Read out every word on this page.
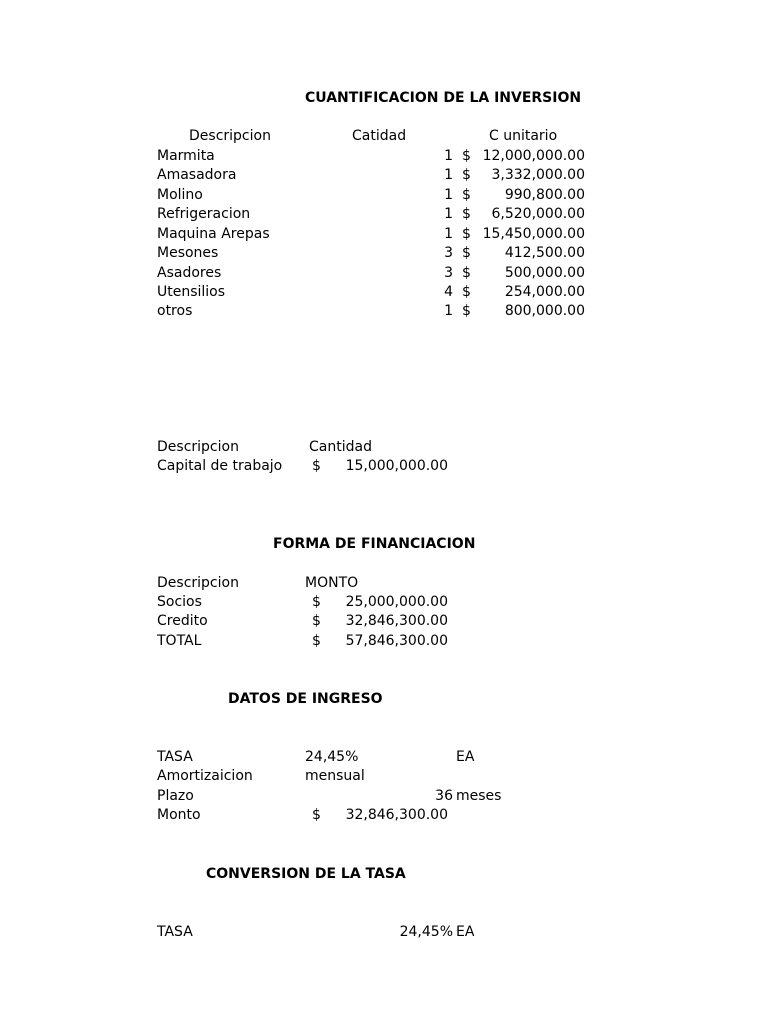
CUANTIFICACION DE LA INVERSION
Descripcion	Catidad	C unitario
Marmita	1 $ 12,000,000.00
Amasadora	1 $	3,332,000.00
Molino	1 $	990,800.00
Refrigeracion	1 $	6,520,000.00
Maquina Arepas	1 $ 15,450,000.00
Mesones	3 $	412,500.00
Asadores	3 $	500,000.00
Utensilios	4 $	254,000.00
otros	1 $	800,000.00
Descripcion	Cantidad
Capital de trabajo $	15,000,000.00
FORMA DE FINANCIACION
Descripcion	MONTO
Socios	$	25,000,000.00
Credito	$	32,846,300.00
TOTAL	$	57,846,300.00
DATOS DE INGRESO
TASA	24,45%	EA
Amortizaicion	mensual
Plazo	36 meses
Monto	$	32,846,300.00
CONVERSION DE LA TASA
TASA	24,45% EA
